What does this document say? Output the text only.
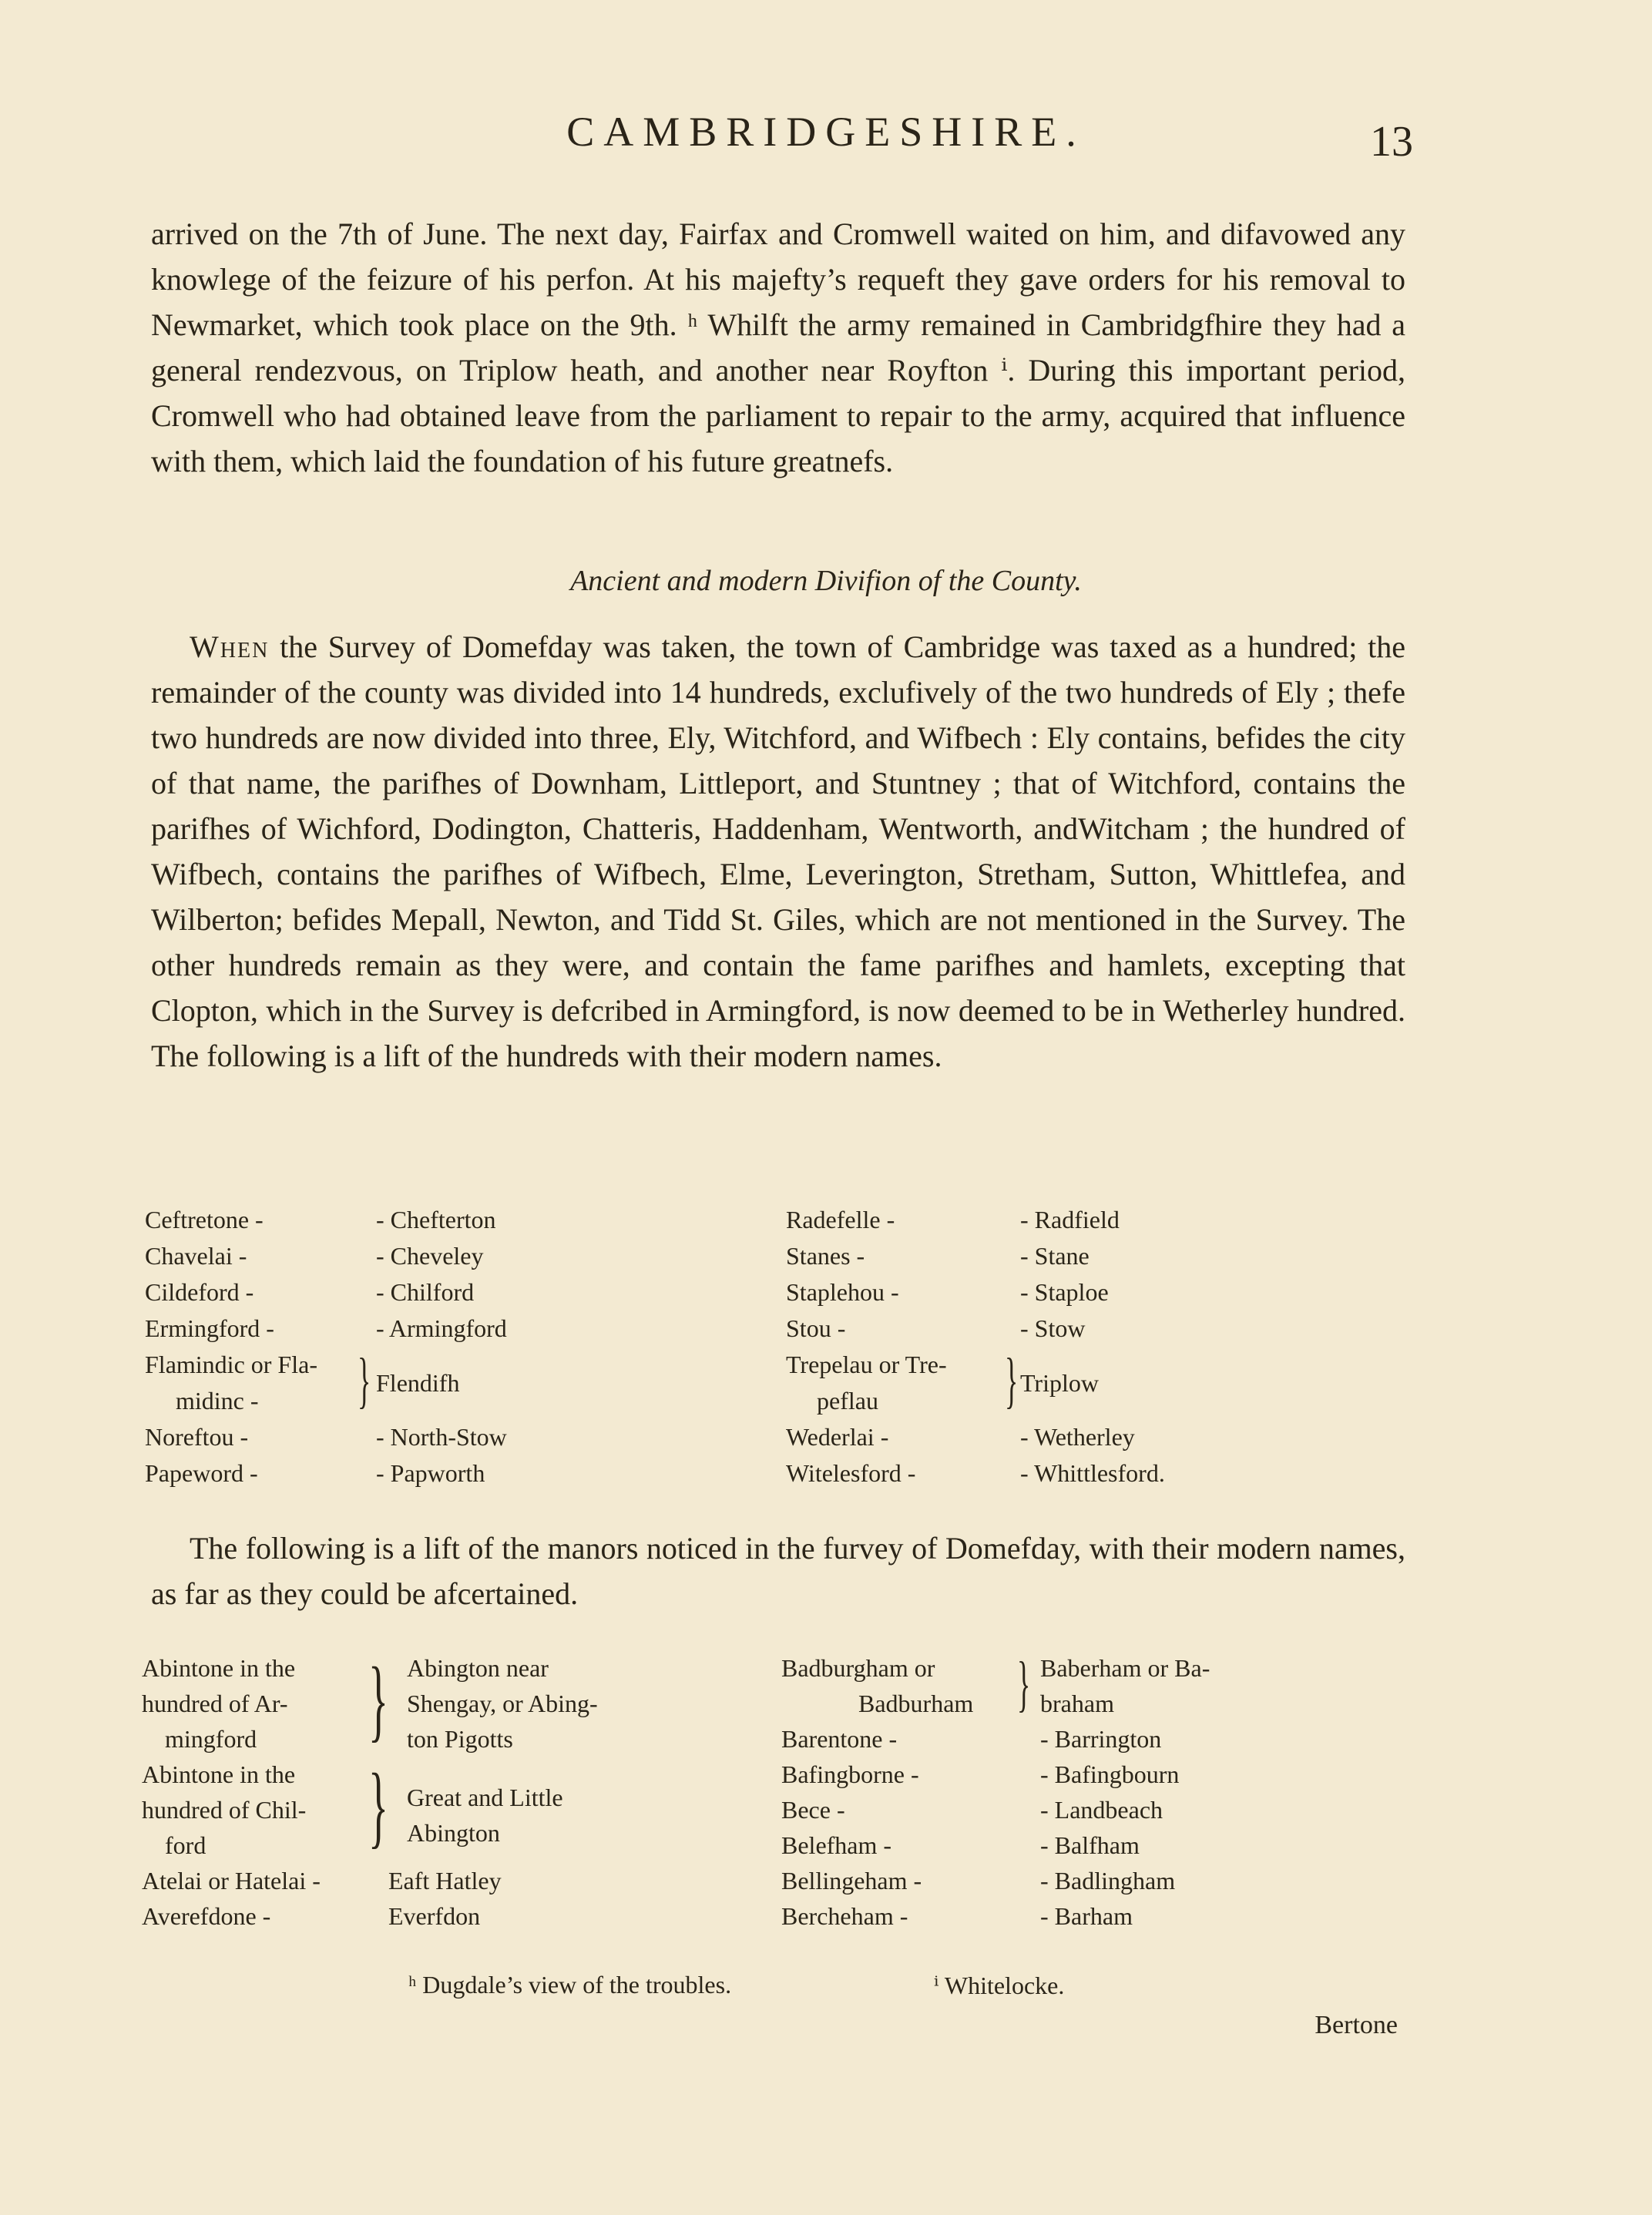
CAMBRIDGESHIRE.	13

arrived on the 7th of June. The next day, Fairfax and Cromwell waited on him, and difavowed any knowlege of the feizure of his perfon. At his majefty’s requeft they gave orders for his removal to Newmarket, which took place on the 9th. ʰ Whilft the army remained in Cambridgfhire they had a general rendezvous, on Triplow heath, and another near Royfton ⁱ. During this important period, Cromwell who had obtained leave from the parliament to repair to the army, acquired that influence with them, which laid the foundation of his future greatnefs.

Ancient and modern Divifion of the County.

When the Survey of Domefday was taken, the town of Cambridge was taxed as a hundred; the remainder of the county was divided into 14 hundreds, exclufively of the two hundreds of Ely ; thefe two hundreds are now divided into three, Ely, Witchford, and Wifbech : Ely contains, befides the city of that name, the parifhes of Downham, Littleport, and Stuntney ; that of Witchford, contains the parifhes of Wichford, Dodington, Chatteris, Haddenham, Wentworth, andWitcham ; the hundred of Wifbech, contains the parifhes of Wifbech, Elme, Leverington, Stretham, Sutton, Whittlefea, and Wilberton; befides Mepall, Newton, and Tidd St. Giles, which are not mentioned in the Survey. The other hundreds remain as they were, and contain the fame parifhes and hamlets, excepting that Clopton, which in the Survey is defcribed in Armingford, is now deemed to be in Wetherley hundred. The following is a lift of the hundreds with their modern names.

Ceftretone -	- Chefterton
Chavelai -	- Cheveley
Cildeford -	- Chilford
Ermingford -	- Armingford
Flamindic or Fla-
midinc -	} Flendifh
Noreftou -	- North-Stow
Papeword -	- Papworth
Radefelle -	- Radfield
Stanes -	- Stane
Staplehou -	- Staploe
Stou -	- Stow
Trepelau or Tre-
peflau	} Triplow
Wederlai -	- Wetherley
Witelesford -	- Whittlesford.

The following is a lift of the manors noticed in the furvey of Domefday, with their modern names, as far as they could be afcertained.

Abintone in the
hundred of Ar-
mingford	} Abington near
Shengay, or Abing-
ton Pigotts
Abintone in the
hundred of Chil-
ford	} Great and Little
Abington
Atelai or Hatelai -	Eaft Hatley
Averefdone -	Everfdon
Badburgham or
Badburham } Baberham or Ba-
braham
Barentone -	- Barrington
Bafingborne -	- Bafingbourn
Bece -	- Landbeach
Belefham -	- Balfham
Bellingeham -	- Badlingham
Bercheham -	- Barham
ʰ Dugdale’s view of the troubles.	ⁱ Whitelocke.
Bertone
